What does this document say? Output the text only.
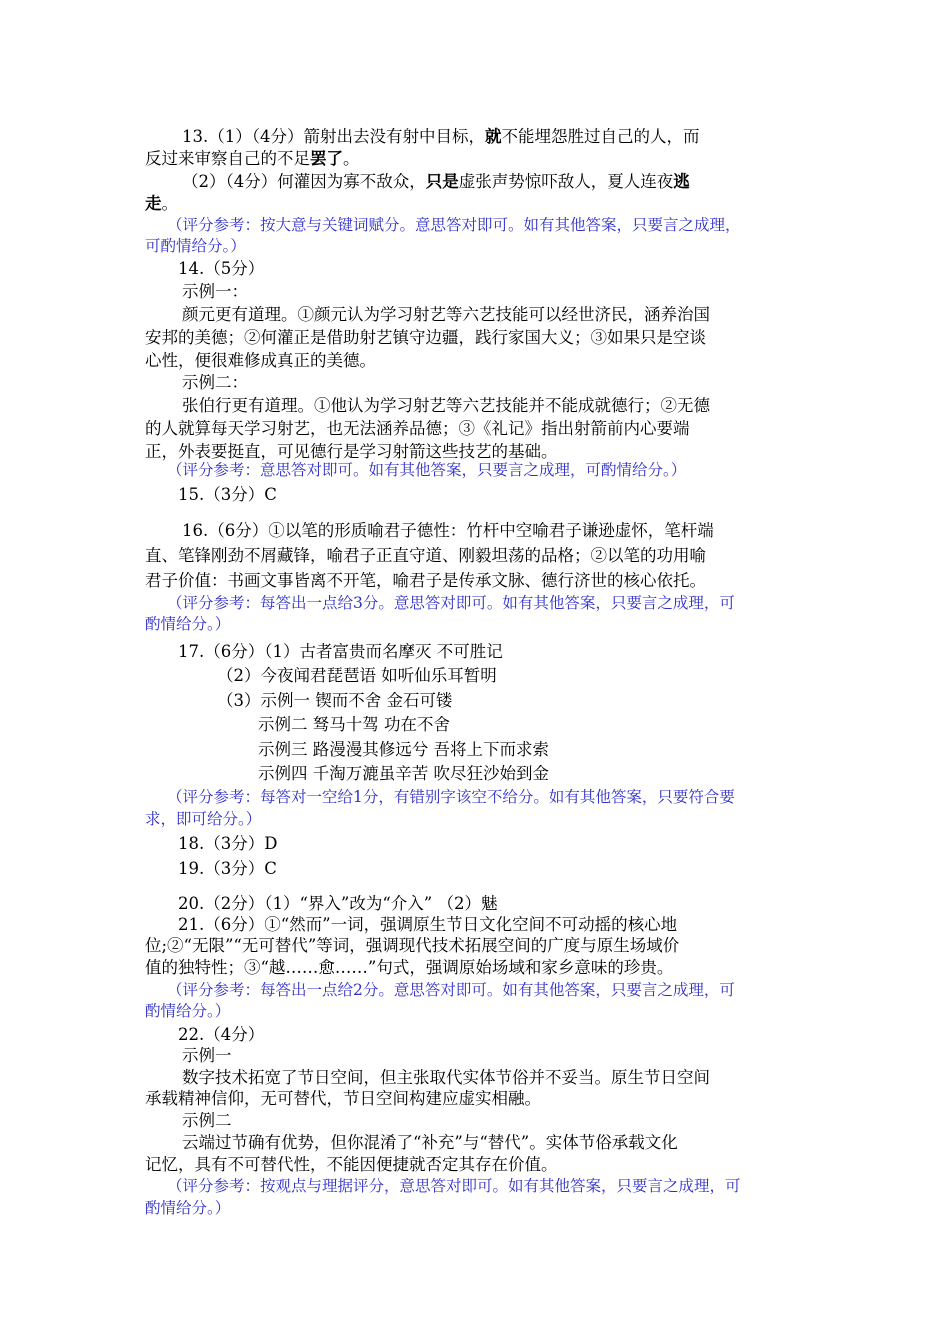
13.（1）（4分）箭射出去没有射中目标，就不能埋怨胜过自己的人，而
反过来审察自己的不足罢了。
（2）（4分）何灌因为寡不敌众，只是虚张声势惊吓敌人，夏人连夜逃
走。
（评分参考：按大意与关键词赋分。意思答对即可。如有其他答案，只要言之成理，
可酌情给分。）
14.（5分）
示例一：
颜元更有道理。①颜元认为学习射艺等六艺技能可以经世济民，涵养治国
安邦的美德；②何灌正是借助射艺镇守边疆，践行家国大义；③如果只是空谈
心性，便很难修成真正的美德。
示例二：
张伯行更有道理。①他认为学习射艺等六艺技能并不能成就德行；②无德
的人就算每天学习射艺，也无法涵养品德；③《礼记》指出射箭前内心要端
正，外表要挺直，可见德行是学习射箭这些技艺的基础。
（评分参考：意思答对即可。如有其他答案，只要言之成理，可酌情给分。）
15.（3分）C
16.（6分）①以笔的形质喻君子德性：竹杆中空喻君子谦逊虚怀，笔杆端
直、笔锋刚劲不屑藏锋，喻君子正直守道、刚毅坦荡的品格；②以笔的功用喻
君子价值：书画文事皆离不开笔，喻君子是传承文脉、德行济世的核心依托。
（评分参考：每答出一点给3分。意思答对即可。如有其他答案，只要言之成理，可
酌情给分。）
17.（6分）（1）古者富贵而名摩灭 不可胜记
（2）今夜闻君琵琶语 如听仙乐耳暂明
（3）示例一 锲而不舍 金石可镂
示例二 驽马十驾 功在不舍
示例三 路漫漫其修远兮 吾将上下而求索
示例四 千淘万漉虽辛苦 吹尽狂沙始到金
（评分参考：每答对一空给1分，有错别字该空不给分。如有其他答案，只要符合要
求，即可给分。）
18.（3分）D
19.（3分）C
20.（2分）（1）“界入”改为“介入” （2）魅
21.（6分）①“然而”一词，强调原生节日文化空间不可动摇的核心地
位;②“无限”“无可替代”等词，强调现代技术拓展空间的广度与原生场域价
值的独特性；③“越……愈……”句式，强调原始场域和家乡意味的珍贵。
（评分参考：每答出一点给2分。意思答对即可。如有其他答案，只要言之成理，可
酌情给分。）
22.（4分）
示例一
数字技术拓宽了节日空间，但主张取代实体节俗并不妥当。原生节日空间
承载精神信仰，无可替代，节日空间构建应虚实相融。
示例二
云端过节确有优势，但你混淆了“补充”与“替代”。实体节俗承载文化
记忆，具有不可替代性，不能因便捷就否定其存在价值。
（评分参考：按观点与理据评分，意思答对即可。如有其他答案，只要言之成理，可
酌情给分。）
